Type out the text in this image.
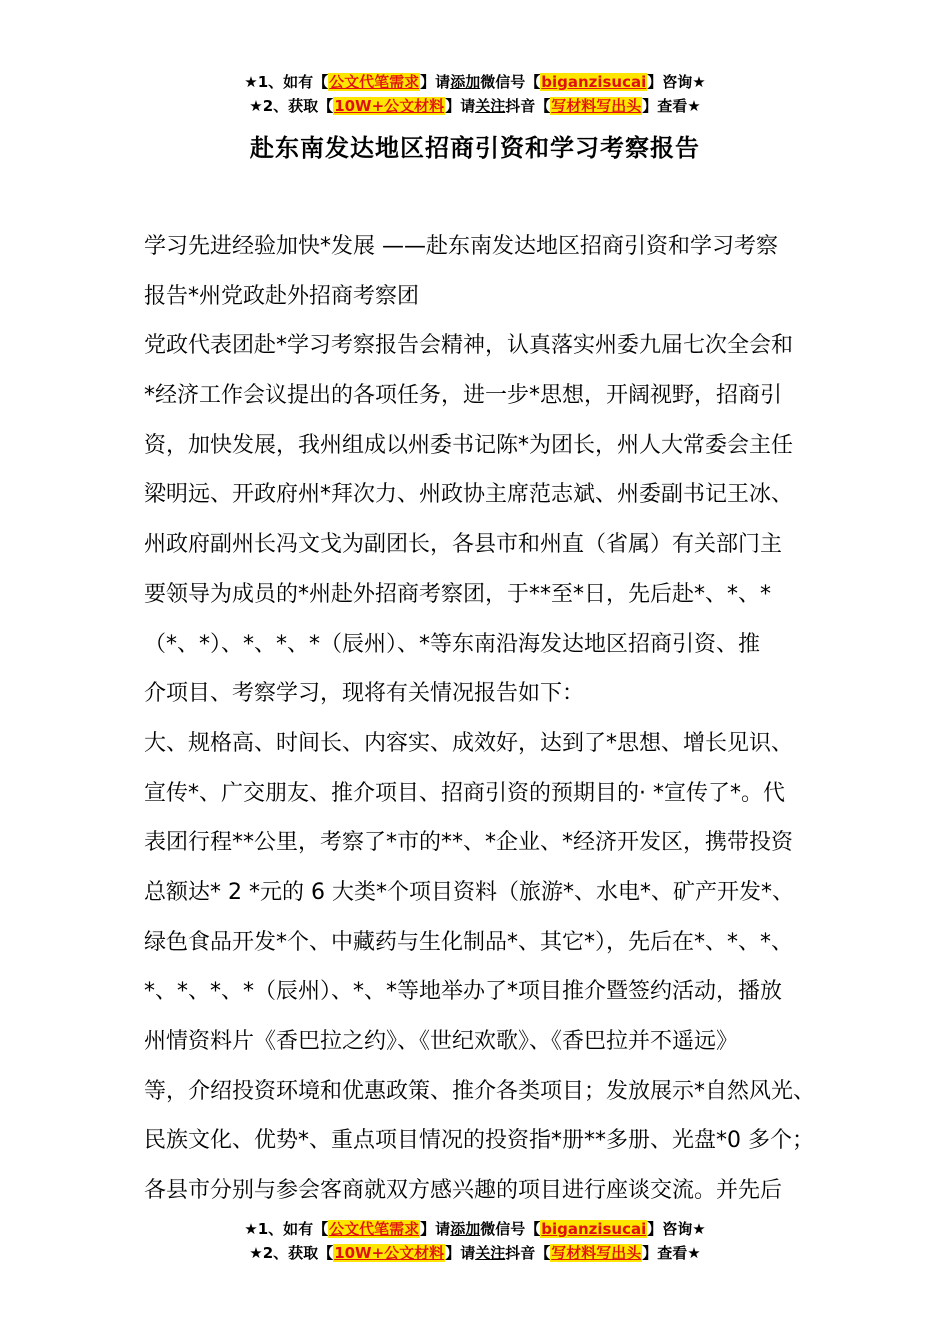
★1、如有【公文代笔需求】请添加微信号【biganzisucai】咨询★
★2、获取【10W+公文材料】请关注抖音【写材料写出头】查看★
赴东南发达地区招商引资和学习考察报告
学习先进经验加快*发展 ——赴东南发达地区招商引资和学习考察
报告*州党政赴外招商考察团
党政代表团赴*学习考察报告会精神，认真落实州委九届七次全会和
*经济工作会议提出的各项任务，进一步*思想，开阔视野，招商引
资，加快发展，我州组成以州委书记陈*为团长，州人大常委会主任
梁明远、开政府州*拜次力、州政协主席范志斌、州委副书记王冰、
州政府副州长冯文戈为副团长，各县市和州直（省属）有关部门主
要领导为成员的*州赴外招商考察团，于**至*日，先后赴*、*、*
（*、*）、*、*、*（辰州）、*等东南沿海发达地区招商引资、推
介项目、考察学习，现将有关情况报告如下：
大、规格高、时间长、内容实、成效好，达到了*思想、增长见识、
宣传*、广交朋友、推介项目、招商引资的预期目的· *宣传了*。代
表团行程**公里，考察了*市的**、*企业、*经济开发区，携带投资
总额达* 2 *元的 6 大类*个项目资料（旅游*、水电*、矿产开发*、
绿色食品开发*个、中藏药与生化制品*、其它*），先后在*、*、*、
*、*、*、*（辰州）、*、*等地举办了*项目推介暨签约活动，播放
州情资料片《香巴拉之约》、《世纪欢歌》、《香巴拉并不遥远》
等，介绍投资环境和优惠政策、推介各类项目；发放展示*自然风光、
民族文化、优势*、重点项目情况的投资指*册**多册、光盘*0 多个；
各县市分别与参会客商就双方感兴趣的项目进行座谈交流。并先后
★1、如有【公文代笔需求】请添加微信号【biganzisucai】咨询★
★2、获取【10W+公文材料】请关注抖音【写材料写出头】查看★
